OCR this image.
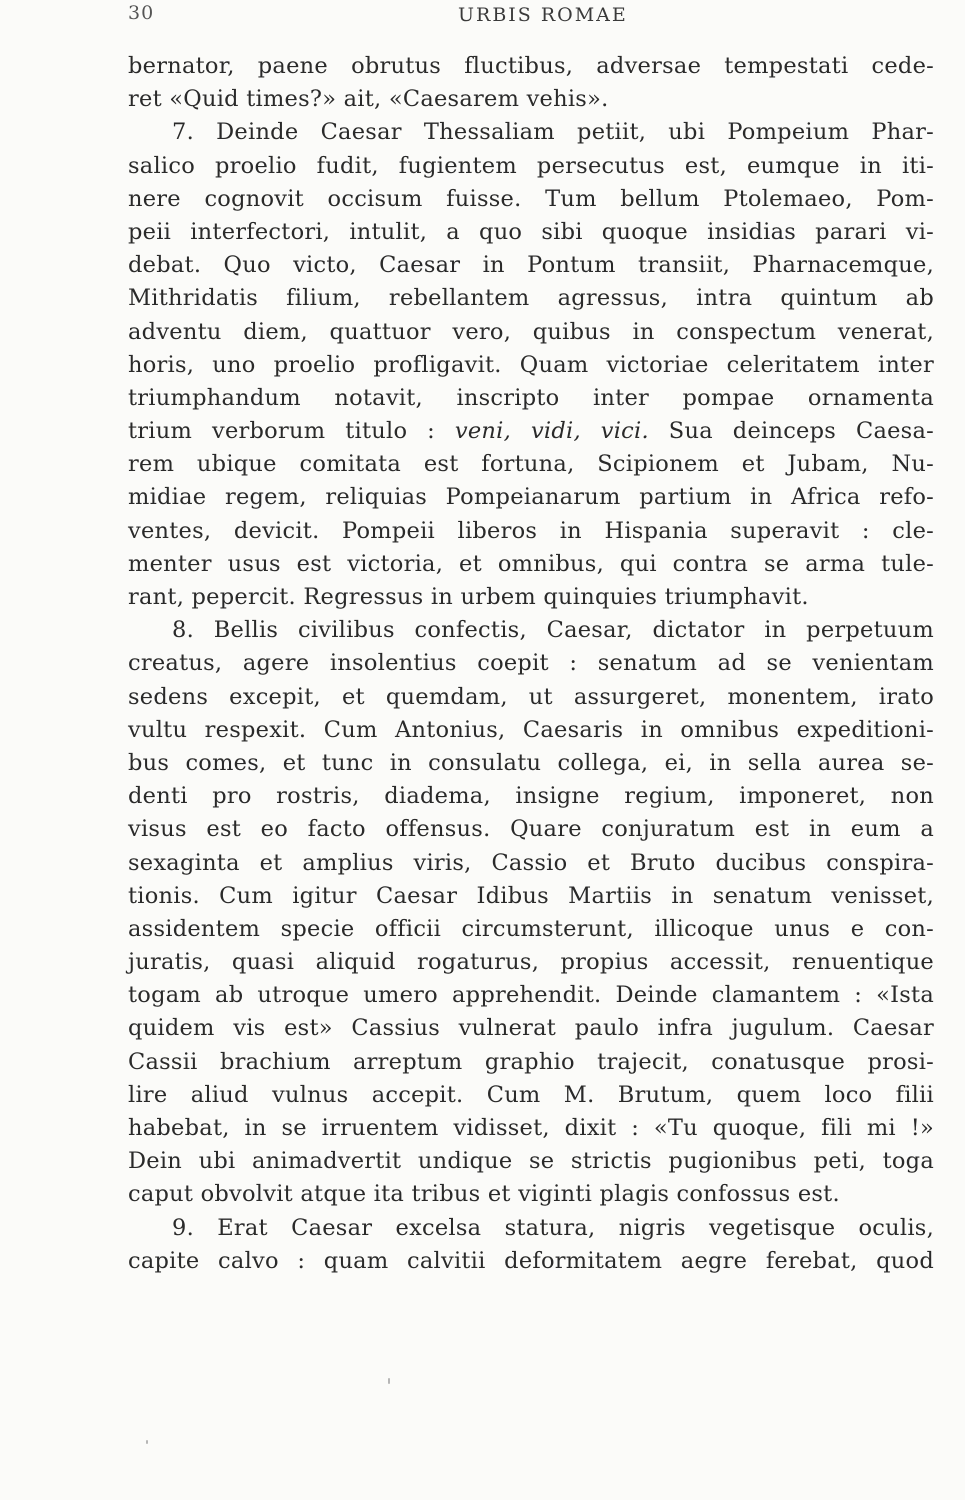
30	URBIS ROMAE
bernator, paene obrutus fluctibus, adversae tempestati cede-
ret «Quid times?» ait, «Caesarem vehis».
7. Deinde Caesar Thessaliam petiit, ubi Pompeium Phar-
salico proelio fudit, fugientem persecutus est, eumque in iti-
nere cognovit occisum fuisse. Tum bellum Ptolemaeo, Pom-
peii interfectori, intulit, a quo sibi quoque insidias parari vi-
debat. Quo victo, Caesar in Pontum transiit, Pharnacemque,
Mithridatis filium, rebellantem agressus, intra quintum ab
adventu diem, quattuor vero, quibus in conspectum venerat,
horis, uno proelio profligavit. Quam victoriae celeritatem inter
triumphandum notavit, inscripto inter pompae ornamenta
trium verborum titulo : veni, vidi, vici. Sua deinceps Caesa-
rem ubique comitata est fortuna, Scipionem et Jubam, Nu-
midiae regem, reliquias Pompeianarum partium in Africa refo-
ventes, devicit. Pompeii liberos in Hispania superavit : cle-
menter usus est victoria, et omnibus, qui contra se arma tule-
rant, pepercit. Regressus in urbem quinquies triumphavit.
8. Bellis civilibus confectis, Caesar, dictator in perpetuum
creatus, agere insolentius coepit : senatum ad se venientam
sedens excepit, et quemdam, ut assurgeret, monentem, irato
vultu respexit. Cum Antonius, Caesaris in omnibus expeditioni-
bus comes, et tunc in consulatu collega, ei, in sella aurea se-
denti pro rostris, diadema, insigne regium, imponeret, non
visus est eo facto offensus. Quare conjuratum est in eum a
sexaginta et amplius viris, Cassio et Bruto ducibus conspira-
tionis. Cum igitur Caesar Idibus Martiis in senatum venisset,
assidentem specie officii circumsterunt, illicoque unus e con-
juratis, quasi aliquid rogaturus, propius accessit, renuentique
togam ab utroque umero apprehendit. Deinde clamantem : «Ista
quidem vis est» Cassius vulnerat paulo infra jugulum. Caesar
Cassii brachium arreptum graphio trajecit, conatusque prosi-
lire aliud vulnus accepit. Cum M. Brutum, quem loco filii
habebat, in se irruentem vidisset, dixit : «Tu quoque, fili mi !»
Dein ubi animadvertit undique se strictis pugionibus peti, toga
caput obvolvit atque ita tribus et viginti plagis confossus est.
9. Erat Caesar excelsa statura, nigris vegetisque oculis,
capite calvo : quam calvitii deformitatem aegre ferebat, quod
